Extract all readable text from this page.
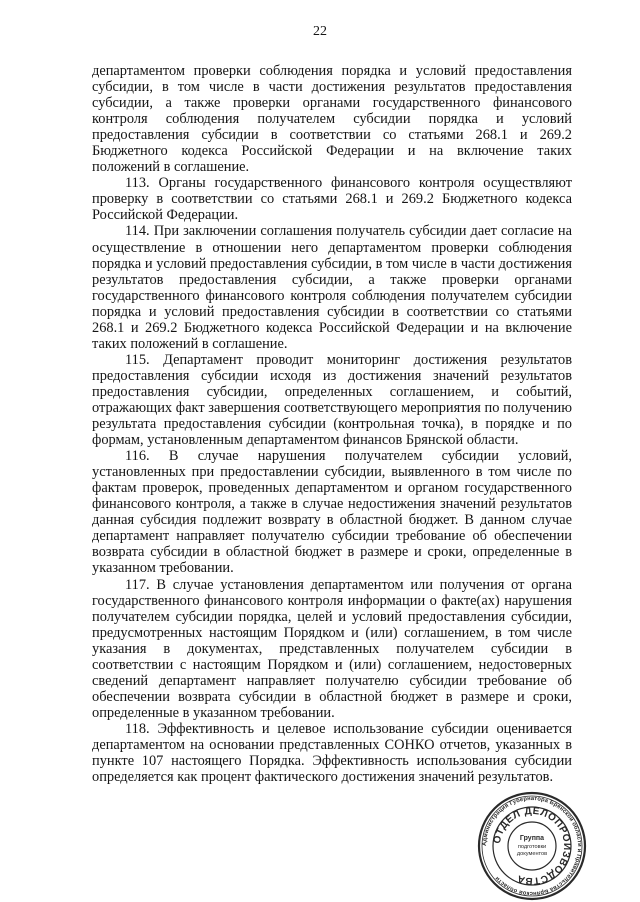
22

департаментом проверки соблюдения порядка и условий предоставления субсидии, в том числе в части достижения результатов предоставления субсидии, а также проверки органами государственного финансового контроля соблюдения получателем субсидии порядка и условий предоставления субсидии в соответствии со статьями 268.1 и 269.2 Бюджетного кодекса Российской Федерации и на включение таких положений в соглашение.

113. Органы государственного финансового контроля осуществляют проверку в соответствии со статьями 268.1 и 269.2 Бюджетного кодекса Российской Федерации.

114. При заключении соглашения получатель субсидии дает согласие на осуществление в отношении него департаментом проверки соблюдения порядка и условий предоставления субсидии, в том числе в части достижения результатов предоставления субсидии, а также проверки органами государственного финансового контроля соблюдения получателем субсидии порядка и условий предоставления субсидии в соответствии со статьями 268.1 и 269.2 Бюджетного кодекса Российской Федерации и на включение таких положений в соглашение.

115. Департамент проводит мониторинг достижения результатов предоставления субсидии исходя из достижения значений результатов предоставления субсидии, определенных соглашением, и событий, отражающих факт завершения соответствующего мероприятия по получению результата предоставления субсидии (контрольная точка), в порядке и по формам, установленным департаментом финансов Брянской области.

116. В случае нарушения получателем субсидии условий, установленных при предоставлении субсидии, выявленного в том числе по фактам проверок, проведенных департаментом и органом государственного финансового контроля, а также в случае недостижения значений результатов данная субсидия подлежит возврату в областной бюджет. В данном случае департамент направляет получателю субсидии требование об обеспечении возврата субсидии в областной бюджет в размере и сроки, определенные в указанном требовании.

117. В случае установления департаментом или получения от органа государственного финансового контроля информации о факте(ах) нарушения получателем субсидии порядка, целей и условий предоставления субсидии, предусмотренных настоящим Порядком и (или) соглашением, в том числе указания в документах, представленных получателем субсидии в соответствии с настоящим Порядком и (или) соглашением, недостоверных сведений департамент направляет получателю субсидии требование об обеспечении возврата субсидии в областной бюджет в размере и сроки, определенные в указанном требовании.

118. Эффективность и целевое использование субсидии оценивается департаментом на основании представленных СОНКО отчетов, указанных в пункте 107 настоящего Порядка. Эффективность использования субсидии определяется как процент фактического достижения значений результатов.

Администрация Губернатора Брянской области и Правительства Брянской области
ОТДЕЛ ДЕЛОПРОИЗВОДСТВА
Группа
подготовки
документов
